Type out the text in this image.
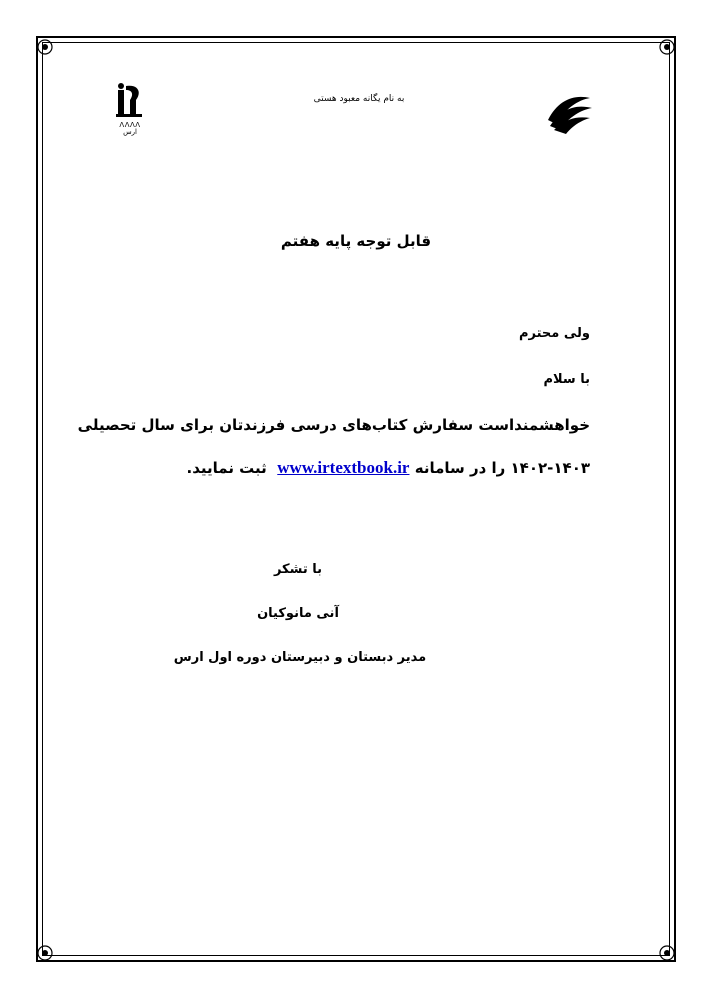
به نام یگانه معبود هستی
ᐱᐱᐱᐱ
ارس
قابل توجه پایه هفتم
ولی محترم
با سلام
خواهشمنداست سفارش کتاب‌های درسی فرزندتان برای سال تحصیلی
۱۴۰۲-۱۴۰۳ را در سامانه www.irtextbook.ir  ثبت نمایید.
با تشکر
آنی مانوکیان
مدیر دبستان و دبیرستان دوره اول ارس
